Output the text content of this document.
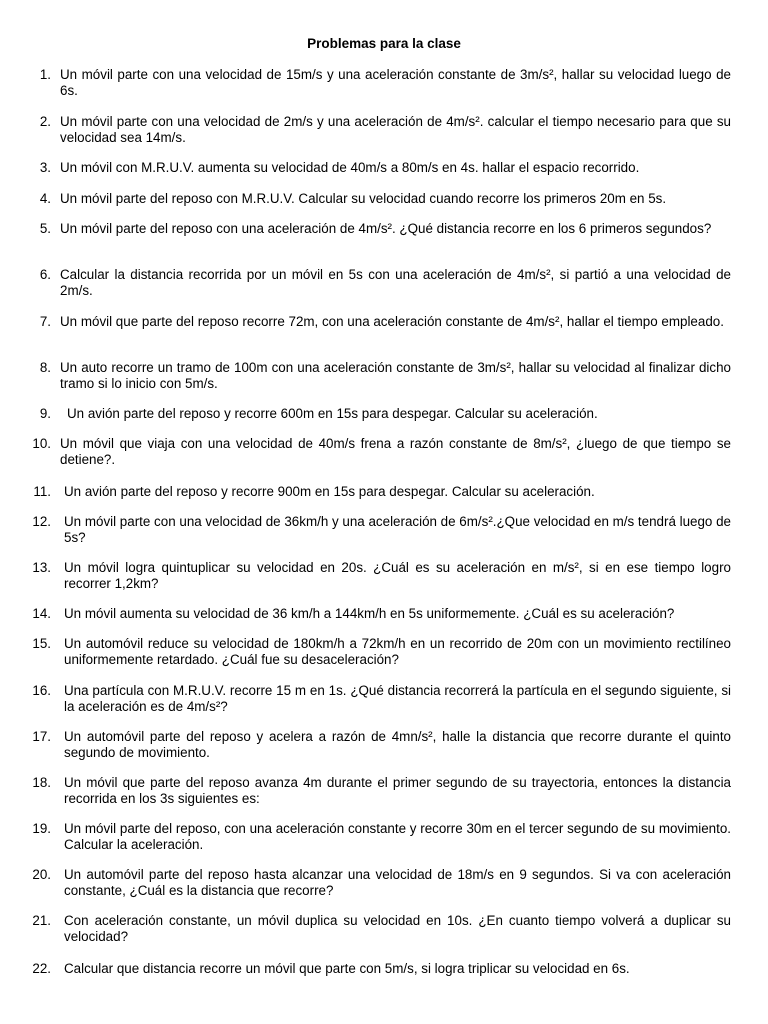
Problemas para la clase
1. Un móvil parte con una velocidad de 15m/s y una aceleración constante de 3m/s², hallar su velocidad luego de 6s.
2. Un móvil parte con una velocidad de 2m/s y una aceleración de 4m/s². calcular el tiempo necesario para que su velocidad sea 14m/s.
3. Un móvil con M.R.U.V. aumenta su velocidad de 40m/s a 80m/s en 4s. hallar el espacio recorrido.
4. Un móvil parte del reposo con M.R.U.V. Calcular su velocidad cuando recorre los primeros 20m en 5s.
5. Un móvil parte del reposo con una aceleración de 4m/s². ¿Qué distancia recorre en los 6 primeros segundos?
6. Calcular la distancia recorrida por un móvil en 5s con una aceleración de 4m/s², si partió a una velocidad de 2m/s.
7. Un móvil que parte del reposo recorre 72m, con una aceleración constante de 4m/s², hallar el tiempo empleado.
8. Un auto recorre un tramo de 100m con una aceleración constante de 3m/s², hallar su velocidad al finalizar dicho tramo si lo inicio con 5m/s.
9. Un avión parte del reposo y recorre 600m en 15s para despegar. Calcular su aceleración.
10. Un móvil que viaja con una velocidad de 40m/s frena a razón constante de 8m/s², ¿luego de que tiempo se detiene?.
11. Un avión parte del reposo y recorre 900m en 15s para despegar. Calcular su aceleración.
12. Un móvil parte con una velocidad de 36km/h y una aceleración de 6m/s².¿Que velocidad en m/s tendrá luego de 5s?
13. Un móvil logra quintuplicar su velocidad en 20s. ¿Cuál es su aceleración en m/s², si en ese tiempo logro recorrer 1,2km?
14. Un móvil aumenta su velocidad de 36 km/h a 144km/h en 5s uniformemente. ¿Cuál es su aceleración?
15. Un automóvil reduce su velocidad de 180km/h a 72km/h en un recorrido de 20m con un movimiento rectilíneo uniformemente retardado. ¿Cuál fue su desaceleración?
16. Una partícula con M.R.U.V. recorre 15 m en 1s. ¿Qué distancia recorrerá la partícula en el segundo siguiente, si la aceleración es de 4m/s²?
17. Un automóvil parte del reposo y acelera a razón de 4mn/s², halle la distancia que recorre durante el quinto segundo de movimiento.
18. Un móvil que parte del reposo avanza 4m durante el primer segundo de su trayectoria, entonces la distancia recorrida en los 3s siguientes es:
19. Un móvil parte del reposo, con una aceleración constante y recorre 30m en el tercer segundo de su movimiento. Calcular la aceleración.
20. Un automóvil parte del reposo hasta alcanzar una velocidad de 18m/s en 9 segundos. Si va con aceleración constante, ¿Cuál es la distancia que recorre?
21. Con aceleración constante, un móvil duplica su velocidad en 10s. ¿En cuanto tiempo volverá a duplicar su velocidad?
22. Calcular que distancia recorre un móvil que parte con 5m/s, si logra triplicar su velocidad en 6s.
